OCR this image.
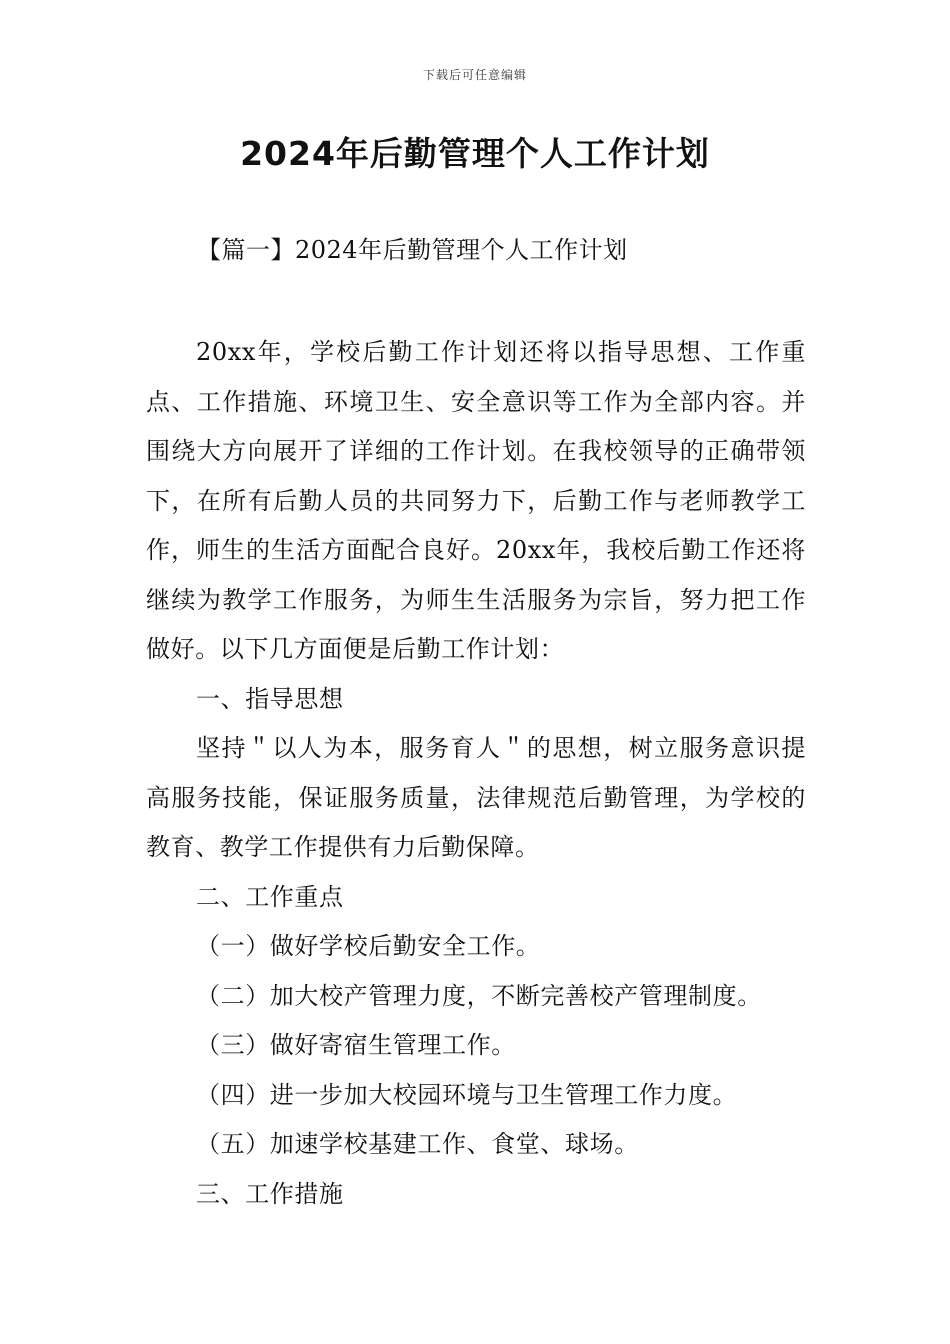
下载后可任意编辑
2024年后勤管理个人工作计划
【篇一】2024年后勤管理个人工作计划

20xx年，学校后勤工作计划还将以指导思想、工作重点、工作措施、环境卫生、安全意识等工作为全部内容。并围绕大方向展开了详细的工作计划。在我校领导的正确带领下，在所有后勤人员的共同努力下，后勤工作与老师教学工作，师生的生活方面配合良好。20xx年，我校后勤工作还将继续为教学工作服务，为师生生活服务为宗旨，努力把工作做好。以下几方面便是后勤工作计划：

一、指导思想

坚持＂以人为本，服务育人＂的思想，树立服务意识提高服务技能，保证服务质量，法律规范后勤管理，为学校的教育、教学工作提供有力后勤保障。

二、工作重点

（一）做好学校后勤安全工作。

（二）加大校产管理力度，不断完善校产管理制度。

（三）做好寄宿生管理工作。

（四）进一步加大校园环境与卫生管理工作力度。

（五）加速学校基建工作、食堂、球场。

三、工作措施
